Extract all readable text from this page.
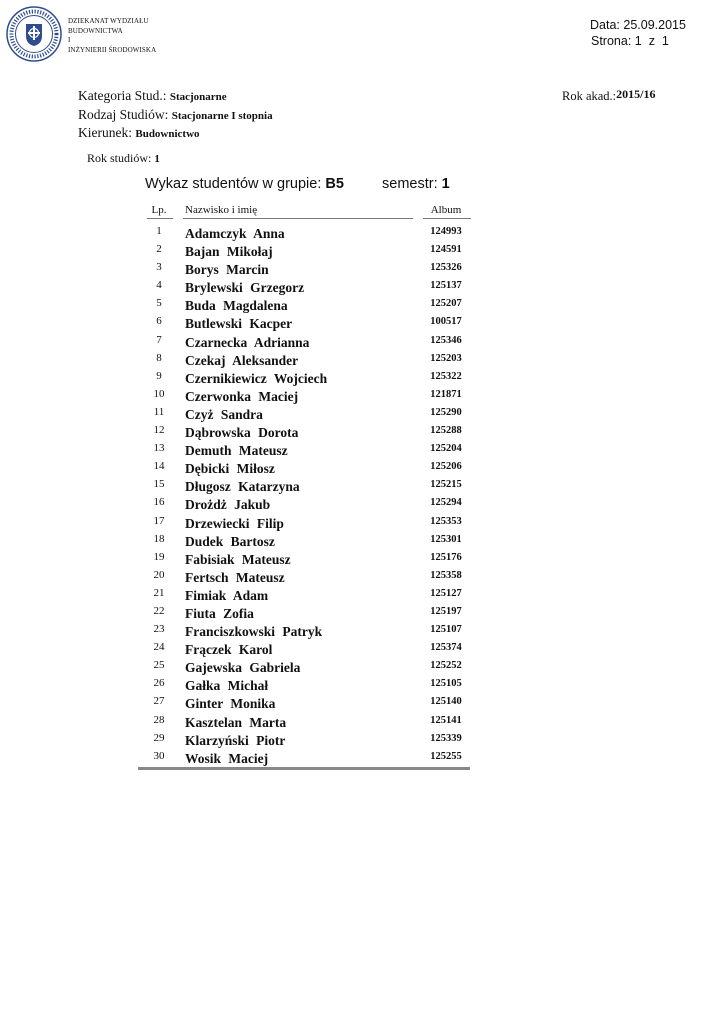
DZIEKANAT WYDZIAŁU
BUDOWNICTWA
I
INŻYNIERII ŚRODOWISKA
Data: 25.09.2015
Strona: 1  z  1
Kategoria Stud.: Stacjonarne
Rodzaj Studiów: Stacjonarne I stopnia
Kierunek: Budownictwo
Rok studiów: 1
Rok akad.:2015/16
Wykaz studentów w grupie: B5	semestr: 1
Lp.	Nazwisko i imię	Album
1	Adamczyk Anna	124993
2	Bajan Mikołaj	124591
3	Borys Marcin	125326
4	Brylewski Grzegorz	125137
5	Buda Magdalena	125207
6	Butlewski Kacper	100517
7	Czarnecka Adrianna	125346
8	Czekaj Aleksander	125203
9	Czernikiewicz Wojciech	125322
10	Czerwonka Maciej	121871
11	Czyż Sandra	125290
12	Dąbrowska Dorota	125288
13	Demuth Mateusz	125204
14	Dębicki Miłosz	125206
15	Długosz Katarzyna	125215
16	Drożdż Jakub	125294
17	Drzewiecki Filip	125353
18	Dudek Bartosz	125301
19	Fabisiak Mateusz	125176
20	Fertsch Mateusz	125358
21	Fimiak Adam	125127
22	Fiuta Zofia	125197
23	Franciszkowski Patryk	125107
24	Frączek Karol	125374
25	Gajewska Gabriela	125252
26	Gałka Michał	125105
27	Ginter Monika	125140
28	Kasztelan Marta	125141
29	Klarzyński Piotr	125339
30	Wosik Maciej	125255
